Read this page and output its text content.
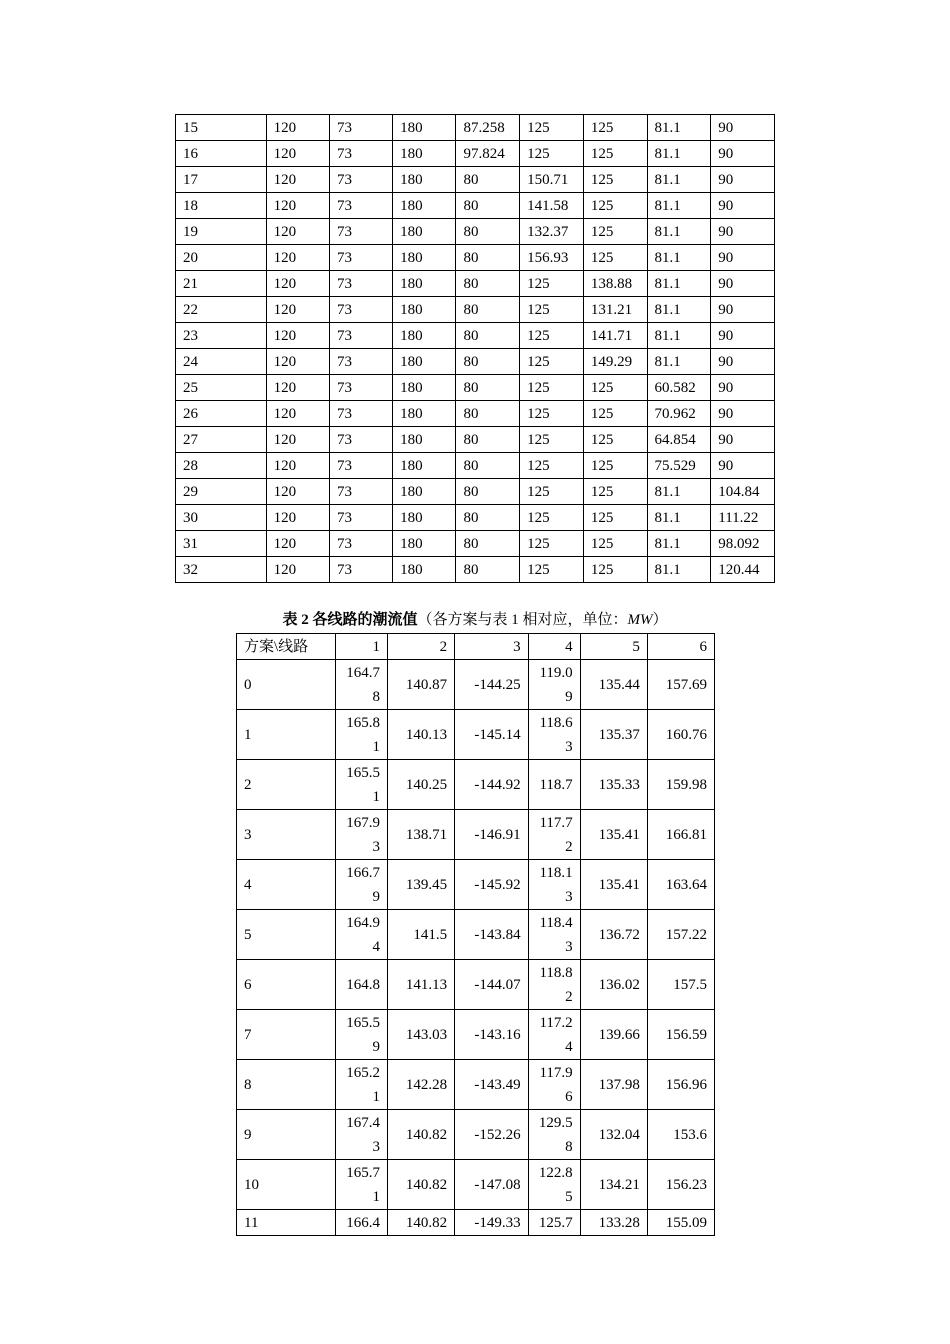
15	120	73	180	87.258	125	125	81.1	90
16	120	73	180	97.824	125	125	81.1	90
17	120	73	180	80	150.71	125	81.1	90
18	120	73	180	80	141.58	125	81.1	90
19	120	73	180	80	132.37	125	81.1	90
20	120	73	180	80	156.93	125	81.1	90
21	120	73	180	80	125	138.88	81.1	90
22	120	73	180	80	125	131.21	81.1	90
23	120	73	180	80	125	141.71	81.1	90
24	120	73	180	80	125	149.29	81.1	90
25	120	73	180	80	125	125	60.582	90
26	120	73	180	80	125	125	70.962	90
27	120	73	180	80	125	125	64.854	90
28	120	73	180	80	125	125	75.529	90
29	120	73	180	80	125	125	81.1	104.84
30	120	73	180	80	125	125	81.1	111.22
31	120	73	180	80	125	125	81.1	98.092
32	120	73	180	80	125	125	81.1	120.44
表 2 各线路的潮流值（各方案与表 1 相对应，单位：MW）
方案\线路	1	2	3	4	5	6
0	164.78	140.87	-144.25	119.09	135.44	157.69
1	165.81	140.13	-145.14	118.63	135.37	160.76
2	165.51	140.25	-144.92	118.7	135.33	159.98
3	167.93	138.71	-146.91	117.72	135.41	166.81
4	166.79	139.45	-145.92	118.13	135.41	163.64
5	164.94	141.5	-143.84	118.43	136.72	157.22
6	164.8	141.13	-144.07	118.82	136.02	157.5
7	165.59	143.03	-143.16	117.24	139.66	156.59
8	165.21	142.28	-143.49	117.96	137.98	156.96
9	167.43	140.82	-152.26	129.58	132.04	153.6
10	165.71	140.82	-147.08	122.85	134.21	156.23
11	166.4	140.82	-149.33	125.7	133.28	155.09
